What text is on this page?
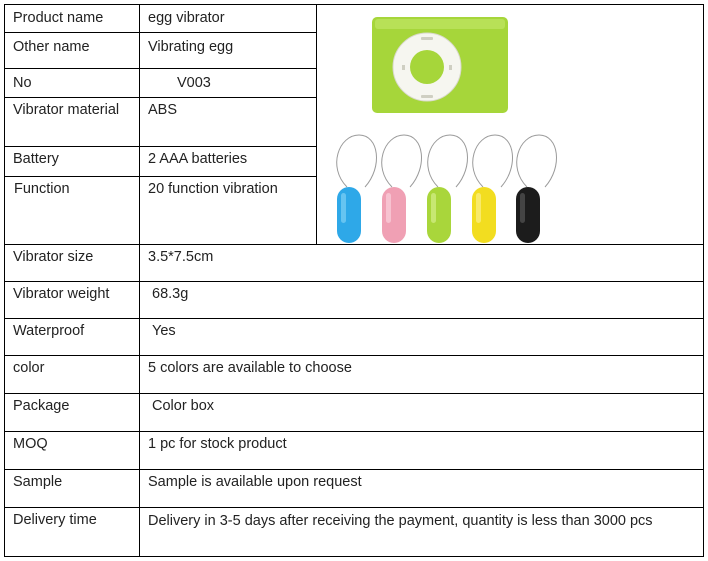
Product name
Other name
No
Vibrator material
Battery
Function
Vibrator size
Vibrator weight
Waterproof
color
Package
MOQ
Sample
Delivery time
egg vibrator
Vibrating egg
V003
ABS
2 AAA batteries
20 function vibration
3.5*7.5cm
68.3g
Yes
5 colors are available to choose
Color box
1 pc for stock product
Sample is available upon request
Delivery in 3-5 days after receiving the payment, quantity is less than 3000 pcs
